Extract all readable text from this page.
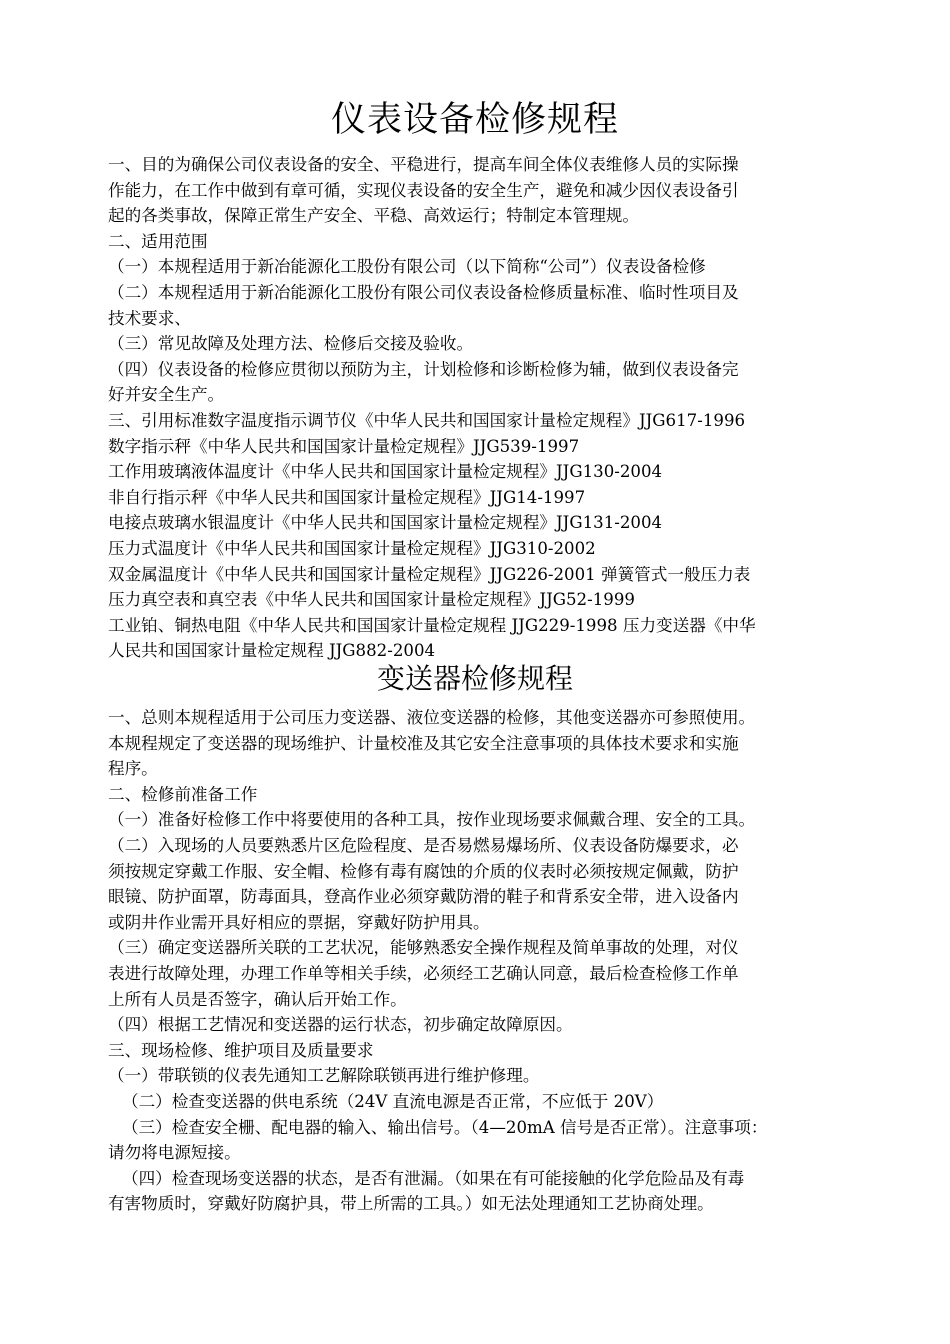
仪表设备检修规程
一、目的为确保公司仪表设备的安全、平稳进行，提高车间全体仪表维修人员的实际操
作能力，在工作中做到有章可循，实现仪表设备的安全生产，避免和减少因仪表设备引
起的各类事故，保障正常生产安全、平稳、高效运行；特制定本管理规。
二、适用范围
（一）本规程适用于新冶能源化工股份有限公司（以下简称“公司”）仪表设备检修
（二）本规程适用于新冶能源化工股份有限公司仪表设备检修质量标准、临时性项目及
技术要求、
（三）常见故障及处理方法、检修后交接及验收。
（四）仪表设备的检修应贯彻以预防为主，计划检修和诊断检修为辅，做到仪表设备完
好并安全生产。
三、引用标准数字温度指示调节仪《中华人民共和国国家计量检定规程》JJG617-1996
数字指示秤《中华人民共和国国家计量检定规程》JJG539-1997
工作用玻璃液体温度计《中华人民共和国国家计量检定规程》JJG130-2004
非自行指示秤《中华人民共和国国家计量检定规程》JJG14-1997
电接点玻璃水银温度计《中华人民共和国国家计量检定规程》JJG131-2004
压力式温度计《中华人民共和国国家计量检定规程》JJG310-2002
双金属温度计《中华人民共和国国家计量检定规程》JJG226-2001 弹簧管式一般压力表
压力真空表和真空表《中华人民共和国国家计量检定规程》JJG52-1999
工业铂、铜热电阻《中华人民共和国国家计量检定规程 JJG229-1998 压力变送器《中华
人民共和国国家计量检定规程 JJG882-2004
变送器检修规程
一、总则本规程适用于公司压力变送器、液位变送器的检修，其他变送器亦可参照使用。
本规程规定了变送器的现场维护、计量校准及其它安全注意事项的具体技术要求和实施
程序。
二、检修前准备工作
（一）准备好检修工作中将要使用的各种工具，按作业现场要求佩戴合理、安全的工具。
（二）入现场的人员要熟悉片区危险程度、是否易燃易爆场所、仪表设备防爆要求，必
须按规定穿戴工作服、安全帽、检修有毒有腐蚀的介质的仪表时必须按规定佩戴，防护
眼镜、防护面罩，防毒面具，登高作业必须穿戴防滑的鞋子和背系安全带，进入设备内
或阴井作业需开具好相应的票据，穿戴好防护用具。
（三）确定变送器所关联的工艺状况，能够熟悉安全操作规程及简单事故的处理，对仪
表进行故障处理，办理工作单等相关手续，必须经工艺确认同意，最后检查检修工作单
上所有人员是否签字，确认后开始工作。
（四）根据工艺情况和变送器的运行状态，初步确定故障原因。
三、现场检修、维护项目及质量要求
（一）带联锁的仪表先通知工艺解除联锁再进行维护修理。
（二）检查变送器的供电系统（24V 直流电源是否正常，不应低于 20V）
（三）检查安全栅、配电器的输入、输出信号。（4—20mA 信号是否正常）。注意事项：
请勿将电源短接。
（四）检查现场变送器的状态，是否有泄漏。（如果在有可能接触的化学危险品及有毒
有害物质时，穿戴好防腐护具，带上所需的工具。）如无法处理通知工艺协商处理。
